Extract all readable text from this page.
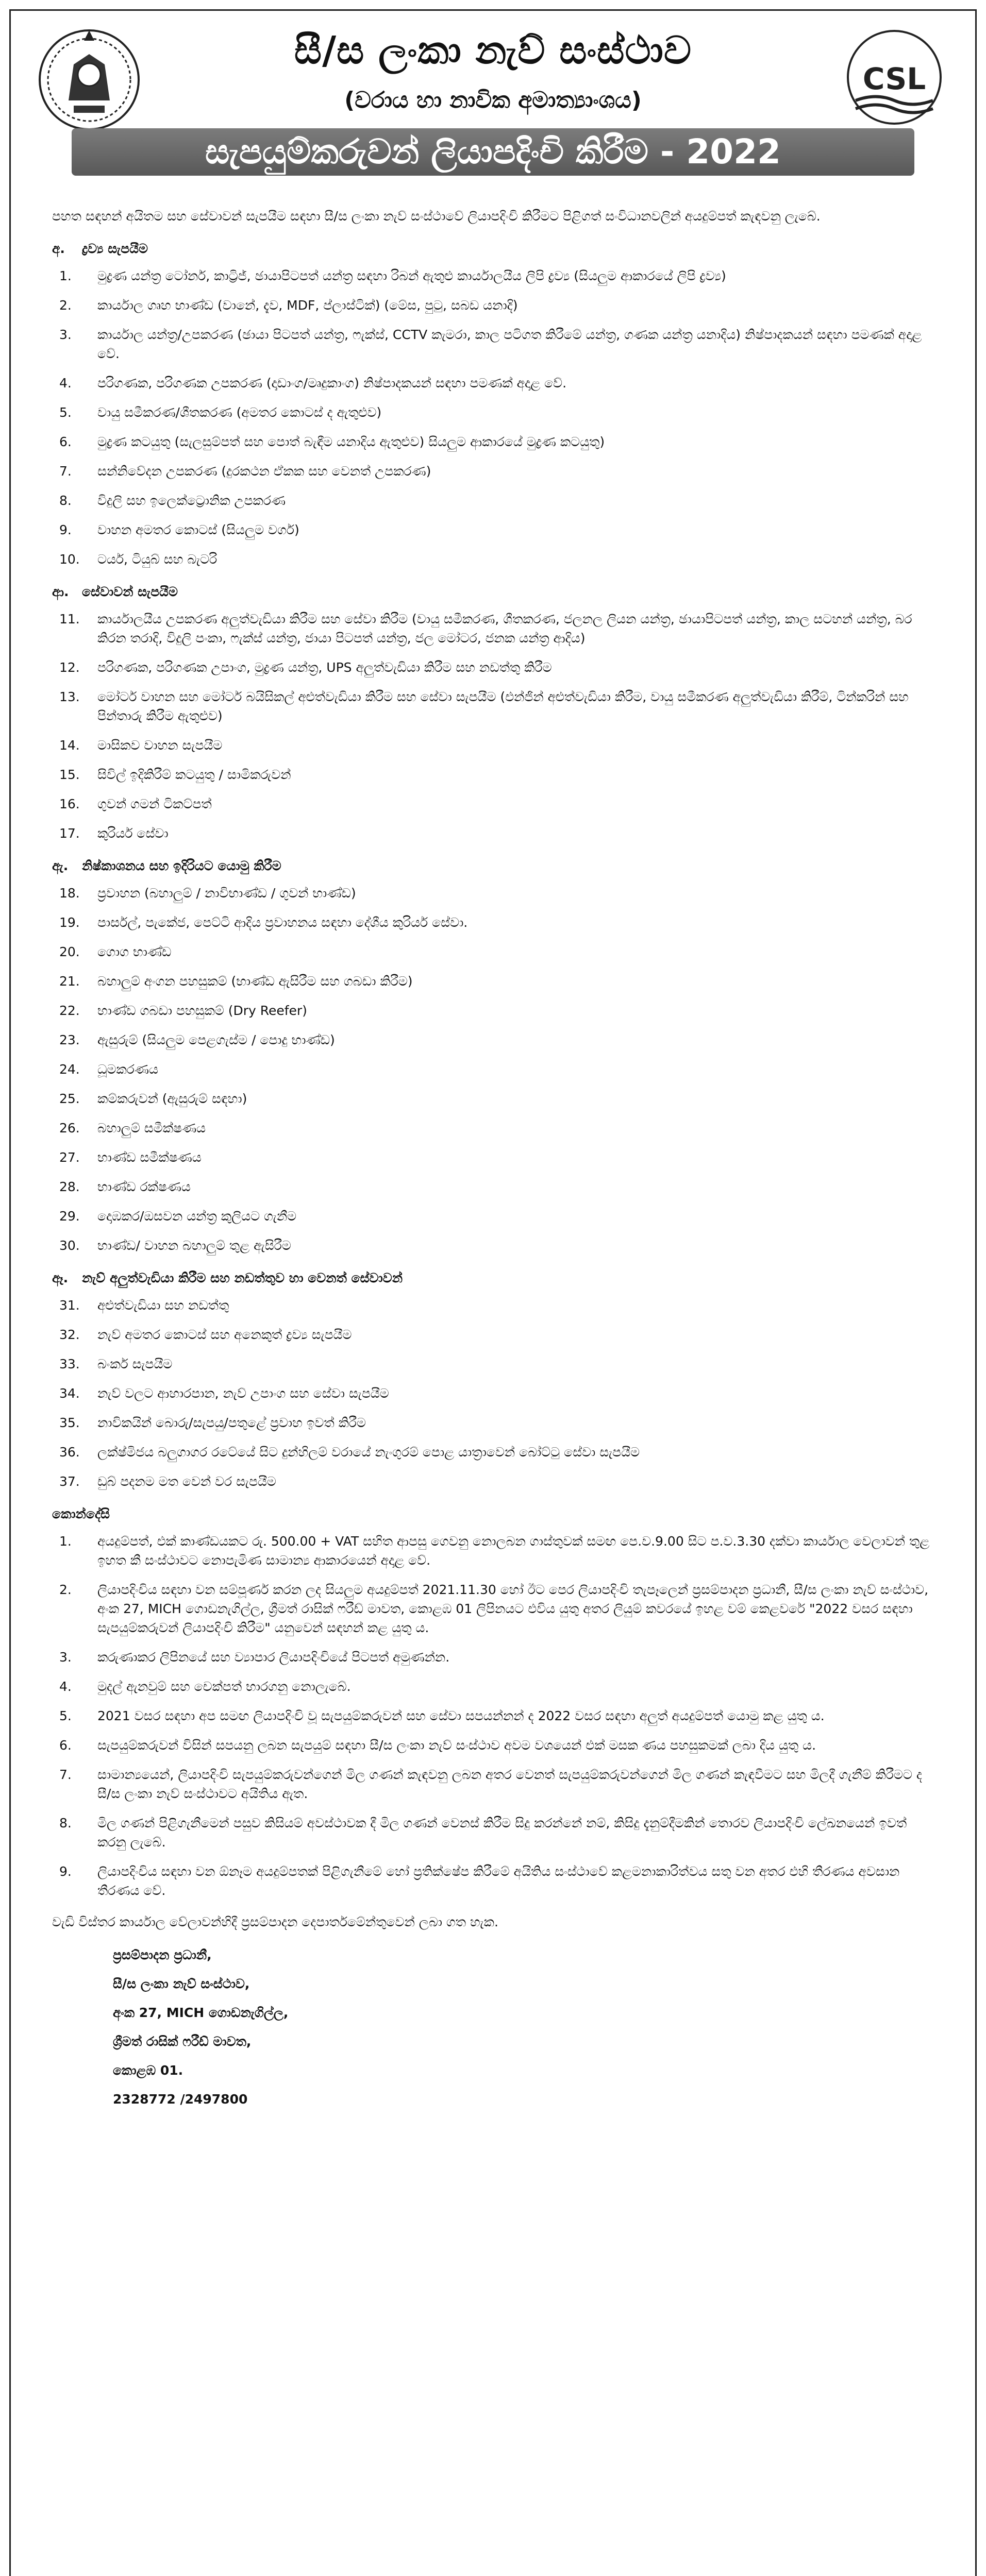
සී/ස ලංකා නැව් සංස්ථාව
(වරාය හා නාවික අමාත්‍යාංශය)
CSL
සැපයුම්කරුවන් ලියාපදිංචි කිරීම - 2022

පහත සඳහන් අයිතම සහ සේවාවන් සැපයීම සඳහා සී/ස ලංකා නැව් සංස්ථාවේ ලියාපදිංචි කිරීමට පිළිගත් සංවිධානවලින් අයදුම්පත් කැඳවනු ලැබේ.

අ. ද්‍රව්‍ය සැපයීම
1.	මුද්‍රණ යන්ත්‍ර ටෝනර්, කාට්‍රිජ්, ඡායාපිටපත් යන්ත්‍ර සඳහා රිබන් ඇතුළු කාර්යාලයීය ලිපි ද්‍රව්‍ය (සියලුම ආකාරයේ ලිපි ද්‍රව්‍ය)
2.	කාර්යාල ගෘහ භාණ්ඩ (වානේ, දැව, MDF, ප්ලාස්ටික්) (මේස, පුටු, සබඩ යනාදි)
3.	කාර්යාල යන්ත්‍ර/උපකරණ (ඡායා පිටපත් යන්ත්‍ර, ෆැක්ස්, CCTV කැමරා, කාල පටිගත කිරීමේ යන්ත්‍ර, ගණක යන්ත්‍ර යනාදිය) නිෂ්පාදකයන් සඳහා පමණක් අදාළ වේ.
4.	පරිගණක, පරිගණක උපකරණ (දෘඩාංග/මෘදුකාංග) නිෂ්පාදකයන් සඳහා පමණක් අදාළ වේ.
5.	වායු සමීකරණ/ශීතකරණ (අමතර කොටස් ද ඇතුළුව)
6.	මුද්‍රණ කටයුතු (සැලසුම්පත් සහ පොත් බැඳීම යනාදිය ඇතුළුව) සියලුම ආකාරයේ මුද්‍රණ කටයුතු)
7.	සන්නිවේදන උපකරණ (දුරකථන ඒකක සහ වෙනත් උපකරණ)
8.	විදුලි සහ ඉලෙක්ට්‍රොනික උපකරණ
9.	වාහන අමතර කොටස් (සියලුම වර්ග)
10.	ටයර්, ටියුබ් සහ බැටරි
ආ. සේවාවන් සැපයීම
11.	කාර්යාලයීය උපකරණ අලුත්වැඩියා කිරීම සහ සේවා කිරීම (වායු සමීකරණ, ශීතකරණ, ජලනල ලියන යන්ත්‍ර, ඡායාපිටපත් යන්ත්‍ර, කාල සටහන් යන්ත්‍ර, බර කිරන තරාදි, විදුලි පංකා, ෆැක්ස් යන්ත්‍ර, ජායා පිටපත් යන්ත්‍ර, ජල මෝටර, ජනක යන්ත්‍ර ආදිය)
12.	පරිගණක, පරිගණක උපාංග, මුද්‍රණ යන්ත්‍ර, UPS අලුත්වැඩියා කිරීම සහ නඩත්තු කිරීම
13.	මෝටර් වාහන සහ මෝටර් බයිසිකල් අළුත්වැඩියා කිරීම සහ සේවා සැපයීම (එන්ජින් අළුත්වැඩියා කිරීම, වායු සමීකරණ අලුත්වැඩියා කිරීම්, ටින්කරින් සහ පින්තාරු කිරීම ඇතුළුව)
14.	මාසිකව වාහන සැපයීම
15.	සිවිල් ඉදිකිරීම් කටයුතු / සාමිකරුවන්
16.	ගුවන් ගමන් ටිකට්පත්
17.	කුරියර් සේවා
ඇ. නිෂ්කාශනය සහ ඉදිරියට යොමු කිරීම
18.	ප්‍රවාහන (බහාලුම් / නාවිභාණ්ඩ / ගුවන් භාණ්ඩ)
19.	පාර්සල්, පැකේජ, පෙට්ටි ආදිය ප්‍රවාහනය සඳහා දේශීය කුරියර් සේවා.
20.	ගොග භාණ්ඩ
21.	බහාලුම් අංගන පහසුකම් (භාණ්ඩ ඇසිරීම සහ ගබඩා කිරීම)
22.	භාණ්ඩ ගබඩා පහසුකම් (Dry Reefer)
23.	ඇසුරුම් (සියලුම පෙළගැස්ම / පොදු භාණ්ඩ)
24.	ධූමකරණය
25.	කම්කරුවන් (ඇසුරුම් සඳහා)
26.	බහාලුම් සමීක්ෂණය
27.	භාණ්ඩ සමීක්ෂණය
28.	භාණ්ඩ රක්ෂණය
29.	දොඹකර/ඔසවන යන්ත්‍ර කුලියට ගැනීම
30.	භාණ්ඩ/ වාහන බහාලුම් තුළ ඇසිරීම
ඈ. නැව් අලුත්වැඩියා කිරීම සහ නඩත්තුව හා වෙනත් සේවාවන්
31.	අළුත්වැඩියා සහ නඩත්තු
32.	නැව් අමතර කොටස් සහ අනෙකුත් ද්‍රව්‍ය සැපයීම
33.	බංකර් සැපයීම
34.	නැව් වලට ආහාරපාන, නැව් උපාංග සහ සේවා සැපයීම
35.	නාවිකයින් බොරු/සැපයු/පතුළේ ප්‍රවාහ ඉවත් කිරීම
36.	ලක්ෂ්මිජය බලුගාගර රටේයේ සිට දුන්හිලම් වරායේ නැංගුරම් පොළ යාත්‍රාවෙන් බෝට්ටු සේවා සැපයීම
37.	ඩුබ් පදනම මත වෙන් වර සැපයීම
කොන්දේසි
1.	අයදුම්පත්, එක් කාණ්ඩයකට රු. 500.00 + VAT සහිත ආපසු ගෙවනු නොලබන ගාස්තුවක් සමඟ පෙ.ව.9.00 සිට ප.ව.3.30 දක්වා කාර්යාල වෙලාවන් තුළ ඉහත කී සංස්ථාවට නොපැමිණ සාමාන්‍ය ආකාරයෙන් අදාළ වේ.
2.	ලියාපදිංචිය සඳහා වන සම්පූර්ණ කරන ලද සියලුම අයදුම්පත් 2021.11.30 හෝ ඊට පෙර ලියාපදිංචි තැපෑලෙන් ප්‍රසම්පාදන ප්‍රධානී, සී/ස ලංකා නැව් සංස්ථාව, අංක 27, MICH ගොඩනැගිල්ල, ශ්‍රීමත් රාසික් ෆරීඩ් මාවත, කොළඹ 01 ලිපිනයට එවිය යුතු අතර ලියුම් කවරයේ ඉහළ වම් කෙළවරේ "2022 වසර සඳහා සැපයුම්කරුවන් ලියාපදිංචි කිරීම" යනුවෙන් සඳහන් කළ යුතු ය.
3.	කරුණාකර ලිපිනයේ සහ ව්‍යාපාර ලියාපදිංචියේ පිටපත් අමුණන්න.
4.	මුදල් ඇනවුම් සහ චෙක්පත් භාරගනු නොලැබේ.
5.	2021 වසර සඳහා අප සමඟ ලියාපදිංචි වූ සැපයුම්කරුවන් සහ සේවා සපයන්නන් ද 2022 වසර සඳහා අලුත් අයදුම්පත් යොමු කළ යුතු ය.
6.	සැපයුම්කරුවන් විසින් සපයනු ලබන සැපයුම් සඳහා සී/ස ලංකා නැව් සංස්ථාව අවම වශයෙන් එක් මසක ණය පහසුකමක් ලබා දිය යුතු ය.
7.	සාමාන්‍යයෙන්, ලියාපදිංචි සැපයුම්කරුවන්ගෙන් මිල ගණන් කැඳවනු ලබන අතර වෙනත් සැපයුම්කරුවන්ගෙන් මිල ගණන් කැඳවීමට සහ මිලදී ගැනීම් කිරීමට ද සී/ස ලංකා නැව් සංස්ථාවට අයිතිය ඇත.
8.	මිල ගණන් පිළිගැනීමෙන් පසුව කිසියම් අවස්ථාවක දී මිල ගණන් වෙනස් කිරීම සිදු කරන්නේ නම්, කිසිදු දැනුම්දීමකින් තොරව ලියාපදිංචි ලේඛනයෙන් ඉවත් කරනු ලැබේ.
9.	ලියාපදිංචිය සඳහා වන ඕනෑම අයදුම්පතක් පිළිගැනීමේ හෝ ප්‍රතික්ෂේප කිරීමේ අයිතිය සංස්ථාවේ කළමනාකාරිත්වය සතු වන අතර එහි තීරණය අවසාන තීරණය වේ.

වැඩි විස්තර කාර්යාල වේලාවන්හිදී ප්‍රසම්පාදන දෙපාර්තමේන්තුවෙන් ලබා ගත හැක.

ප්‍රසම්පාදන ප්‍රධානී,
සී/ස ලංකා නැව් සංස්ථාව,
අංක 27, MICH ගොඩනැගිල්ල,
ශ්‍රීමත් රාසික් ෆරීඩ් මාවත,
කොළඹ 01.
2328772 /2497800
